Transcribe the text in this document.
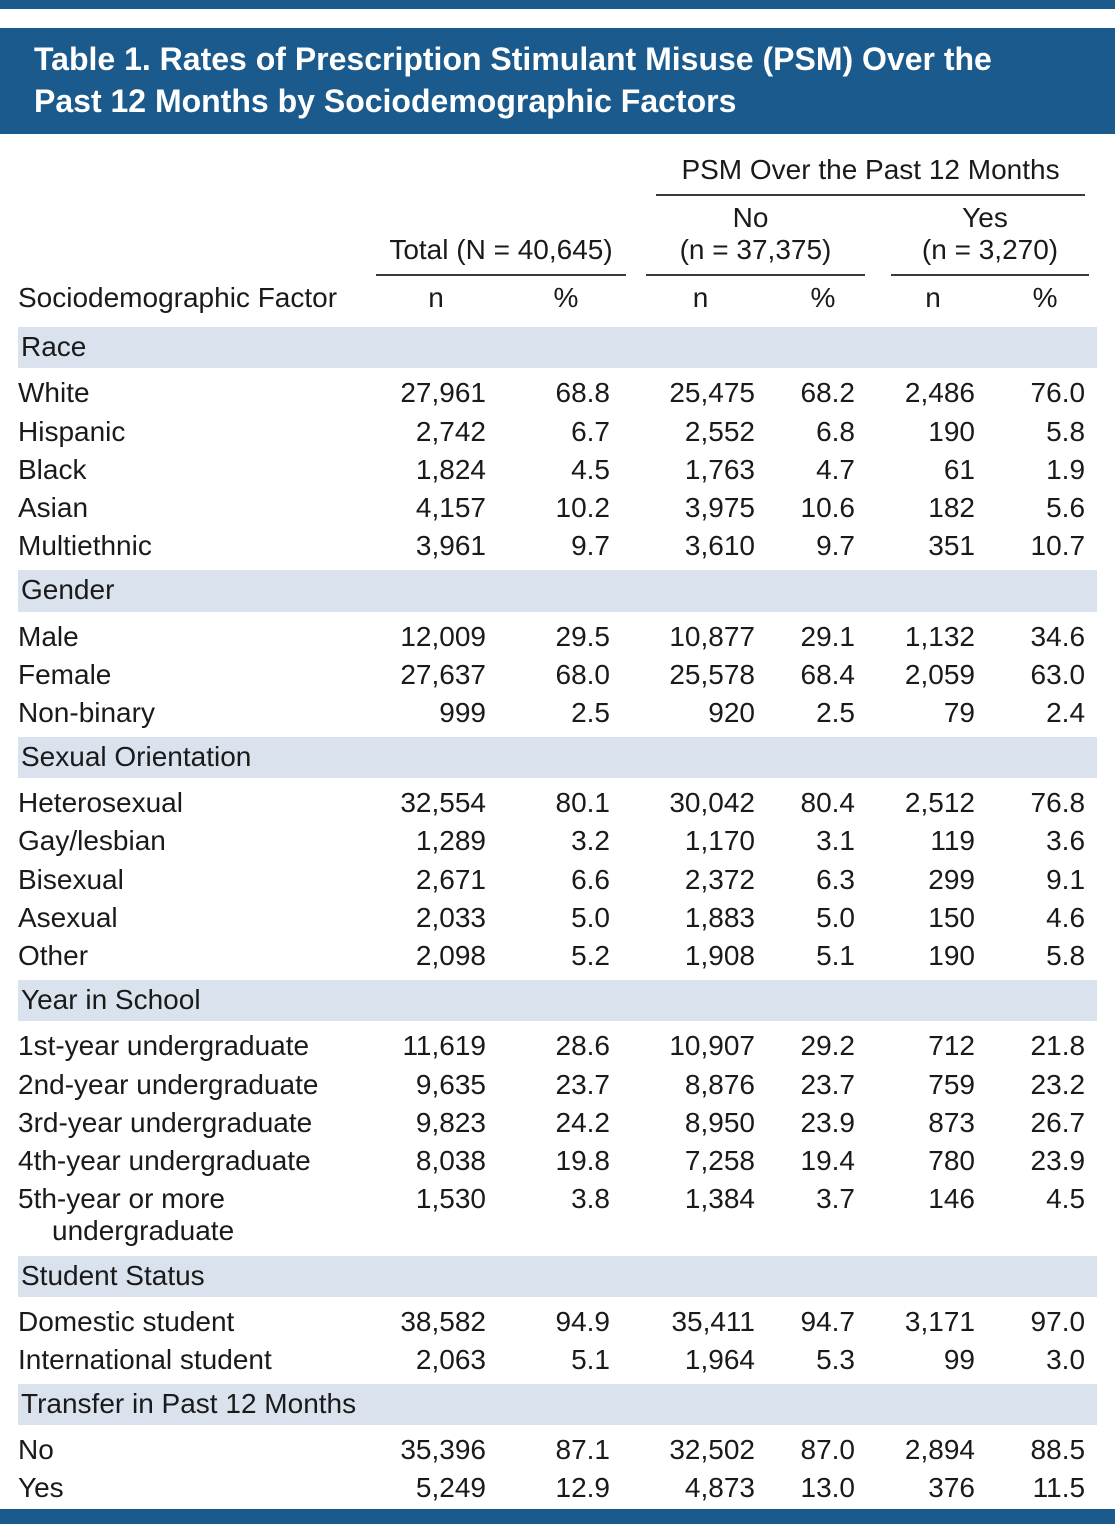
Table 1. Rates of Prescription Stimulant Misuse (PSM) Over the Past 12 Months by Sociodemographic Factors

			PSM Over the Past 12 Months			

			No		Yes	

	Total (N = 40,645)		(n = 37,375)		(n = 3,270)	

Sociodemographic Factor	n	%	n	%	n	%

Race						

White	27,961	68.8	25,475	68.2	2,486	76.0
Hispanic	2,742	6.7	2,552	6.8	190	5.8
Black	1,824	4.5	1,763	4.7	61	1.9
Asian	4,157	10.2	3,975	10.6	182	5.6
Multiethnic	3,961	9.7	3,610	9.7	351	10.7

Gender						

Male	12,009	29.5	10,877	29.1	1,132	34.6
Female	27,637	68.0	25,578	68.4	2,059	63.0
Non-binary	999	2.5	920	2.5	79	2.4

Sexual Orientation						

Heterosexual	32,554	80.1	30,042	80.4	2,512	76.8
Gay/lesbian	1,289	3.2	1,170	3.1	119	3.6
Bisexual	2,671	6.6	2,372	6.3	299	9.1
Asexual	2,033	5.0	1,883	5.0	150	4.6
Other	2,098	5.2	1,908	5.1	190	5.8

Year in School						

1st-year undergraduate	11,619	28.6	10,907	29.2	712	21.8
2nd-year undergraduate	9,635	23.7	8,876	23.7	759	23.2
3rd-year undergraduate	9,823	24.2	8,950	23.9	873	26.7
4th-year undergraduate	8,038	19.8	7,258	19.4	780	23.9
5th-year or more undergraduate	1,530	3.8	1,384	3.7	146	4.5

Student Status						

Domestic student	38,582	94.9	35,411	94.7	3,171	97.0
International student	2,063	5.1	1,964	5.3	99	3.0

Transfer in Past 12 Months						

No	35,396	87.1	32,502	87.0	2,894	88.5
Yes	5,249	12.9	4,873	13.0	376	11.5
